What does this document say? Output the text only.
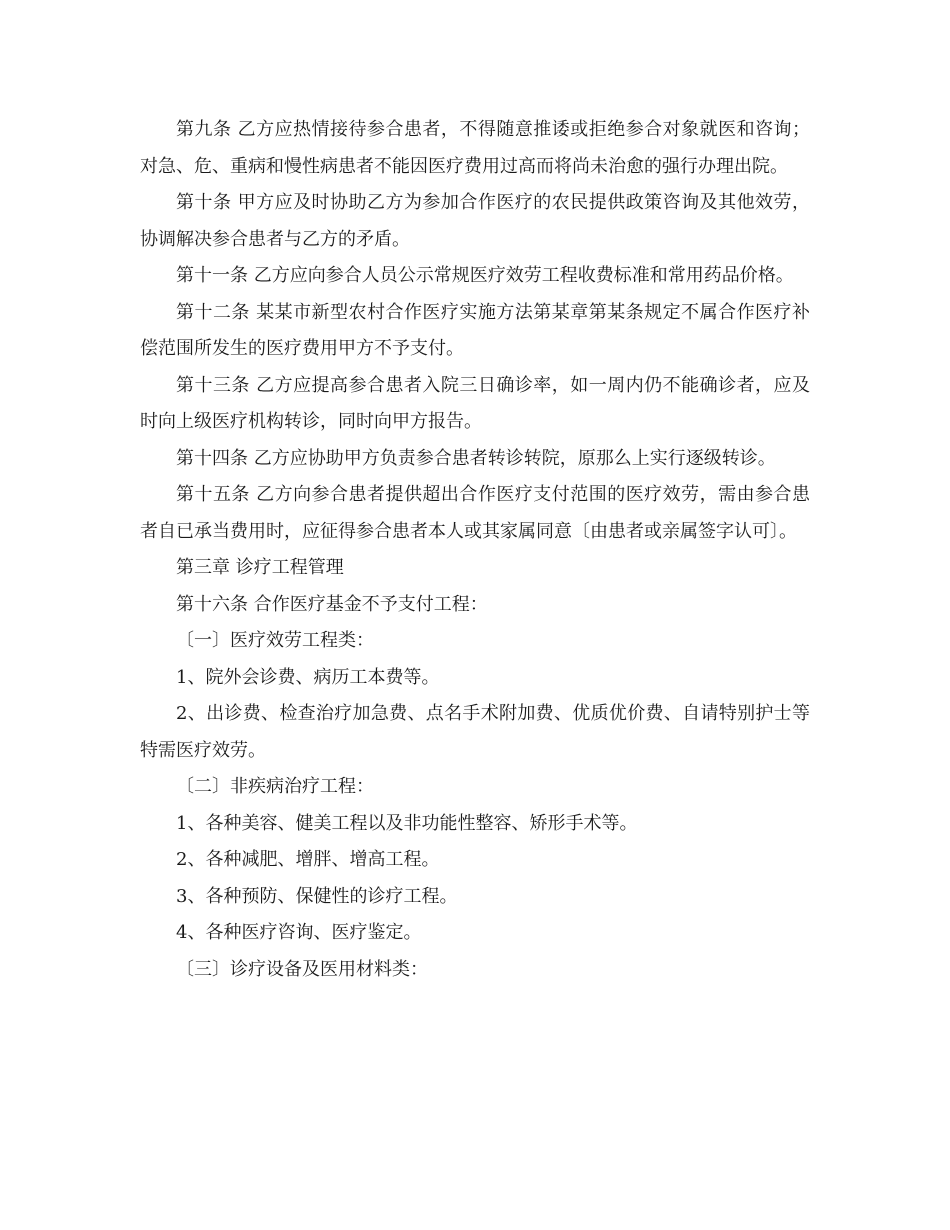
第九条 乙方应热情接待参合患者，不得随意推诿或拒绝参合对象就医和咨询；对急、危、重病和慢性病患者不能因医疗费用过高而将尚未治愈的强行办理出院。

第十条 甲方应及时协助乙方为参加合作医疗的农民提供政策咨询及其他效劳，协调解决参合患者与乙方的矛盾。

第十一条 乙方应向参合人员公示常规医疗效劳工程收费标准和常用药品价格。

第十二条 某某市新型农村合作医疗实施方法第某章第某条规定不属合作医疗补偿范围所发生的医疗费用甲方不予支付。

第十三条 乙方应提高参合患者入院三日确诊率，如一周内仍不能确诊者，应及时向上级医疗机构转诊，同时向甲方报告。

第十四条 乙方应协助甲方负责参合患者转诊转院，原那么上实行逐级转诊。

第十五条 乙方向参合患者提供超出合作医疗支付范围的医疗效劳，需由参合患者自已承当费用时，应征得参合患者本人或其家属同意〔由患者或亲属签字认可〕。

第三章 诊疗工程管理

第十六条 合作医疗基金不予支付工程：

〔一〕医疗效劳工程类：

1、院外会诊费、病历工本费等。

2、出诊费、检查治疗加急费、点名手术附加费、优质优价费、自请特别护士等特需医疗效劳。

〔二〕非疾病治疗工程：

1、各种美容、健美工程以及非功能性整容、矫形手术等。

2、各种减肥、增胖、增高工程。

3、各种预防、保健性的诊疗工程。

4、各种医疗咨询、医疗鉴定。

〔三〕诊疗设备及医用材料类：
